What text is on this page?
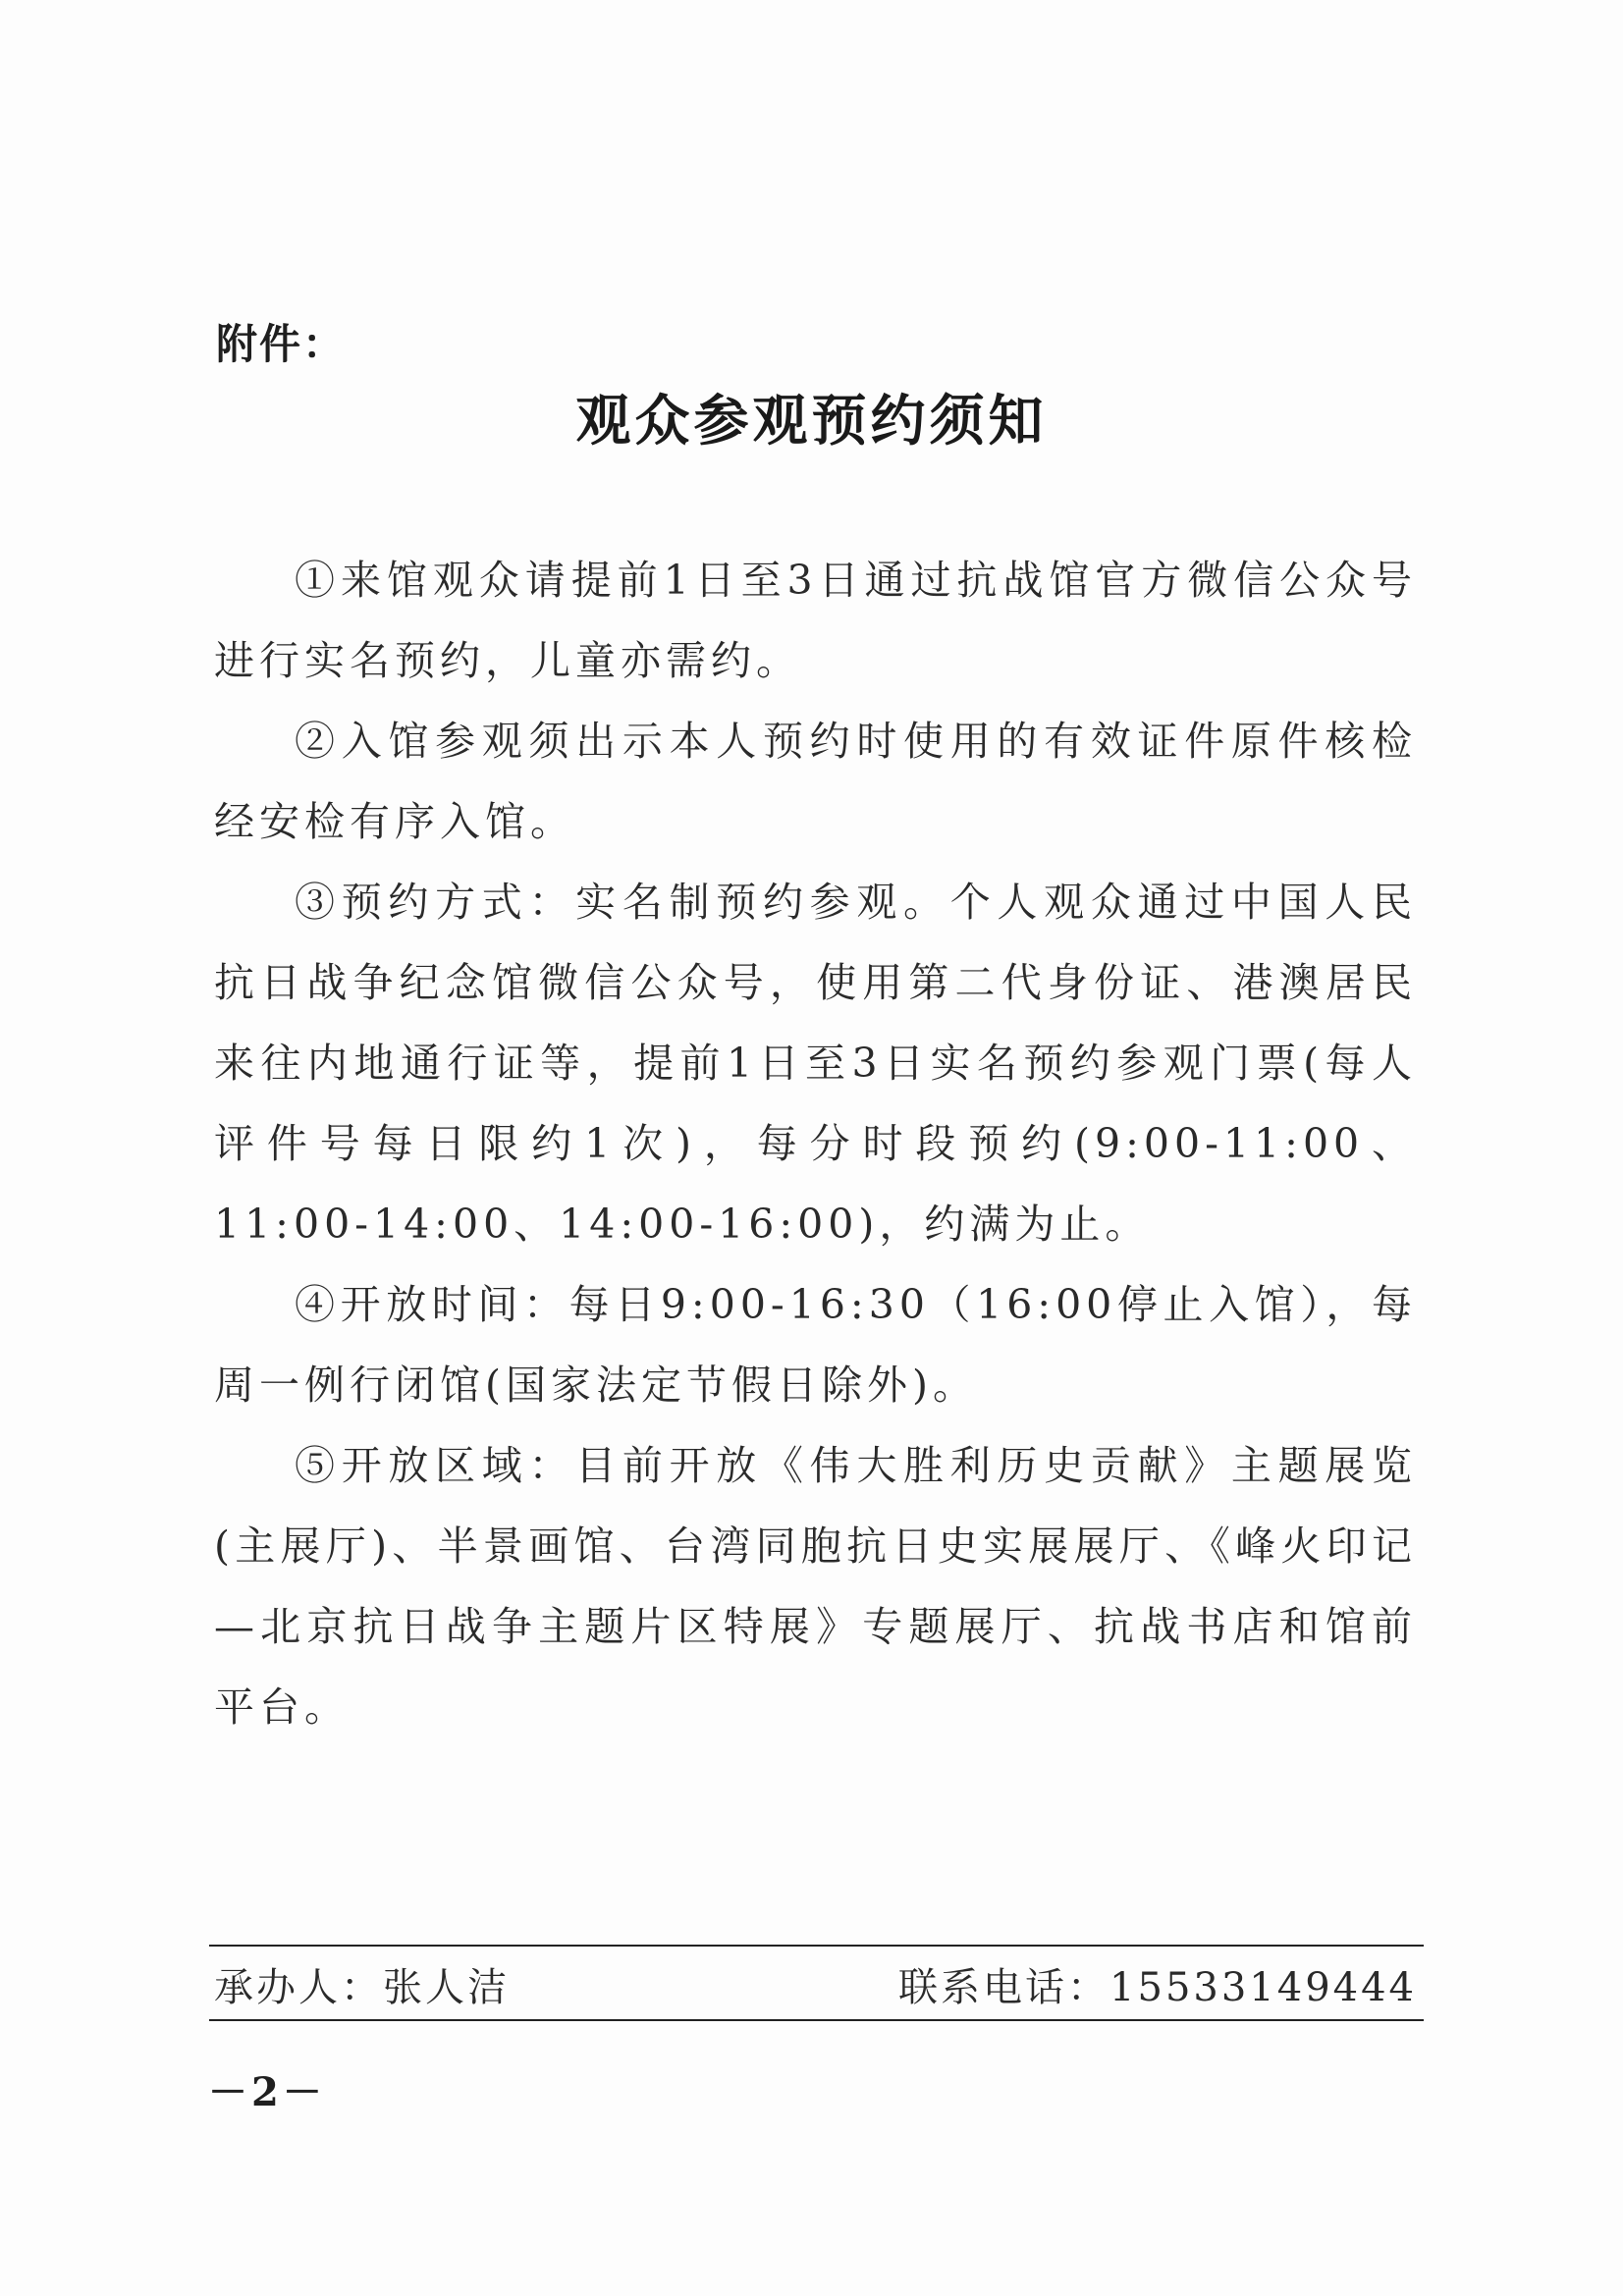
附件：
观众参观预约须知

①来馆观众请提前1日至3日通过抗战馆官方微信公众号进行实名预约，儿童亦需约。

②入馆参观须出示本人预约时使用的有效证件原件核检经安检有序入馆。

③预约方式：实名制预约参观。个人观众通过中国人民抗日战争纪念馆微信公众号，使用第二代身份证、港澳居民来往内地通行证等，提前1日至3日实名预约参观门票(每人评件号每日限约1次)，每分时段预约(9:00-11:00、11:00-14:00、14:00-16:00)，约满为止。

④开放时间：每日9:00-16:30（16:00停止入馆），每周一例行闭馆(国家法定节假日除外)。

⑤开放区域：目前开放《伟大胜利历史贡献》主题展览(主展厅)、半景画馆、台湾同胞抗日史实展展厅、《峰火印记—北京抗日战争主题片区特展》专题展厅、抗战书店和馆前平台。

承办人：张人洁	联系电话：15533149444
－2－
